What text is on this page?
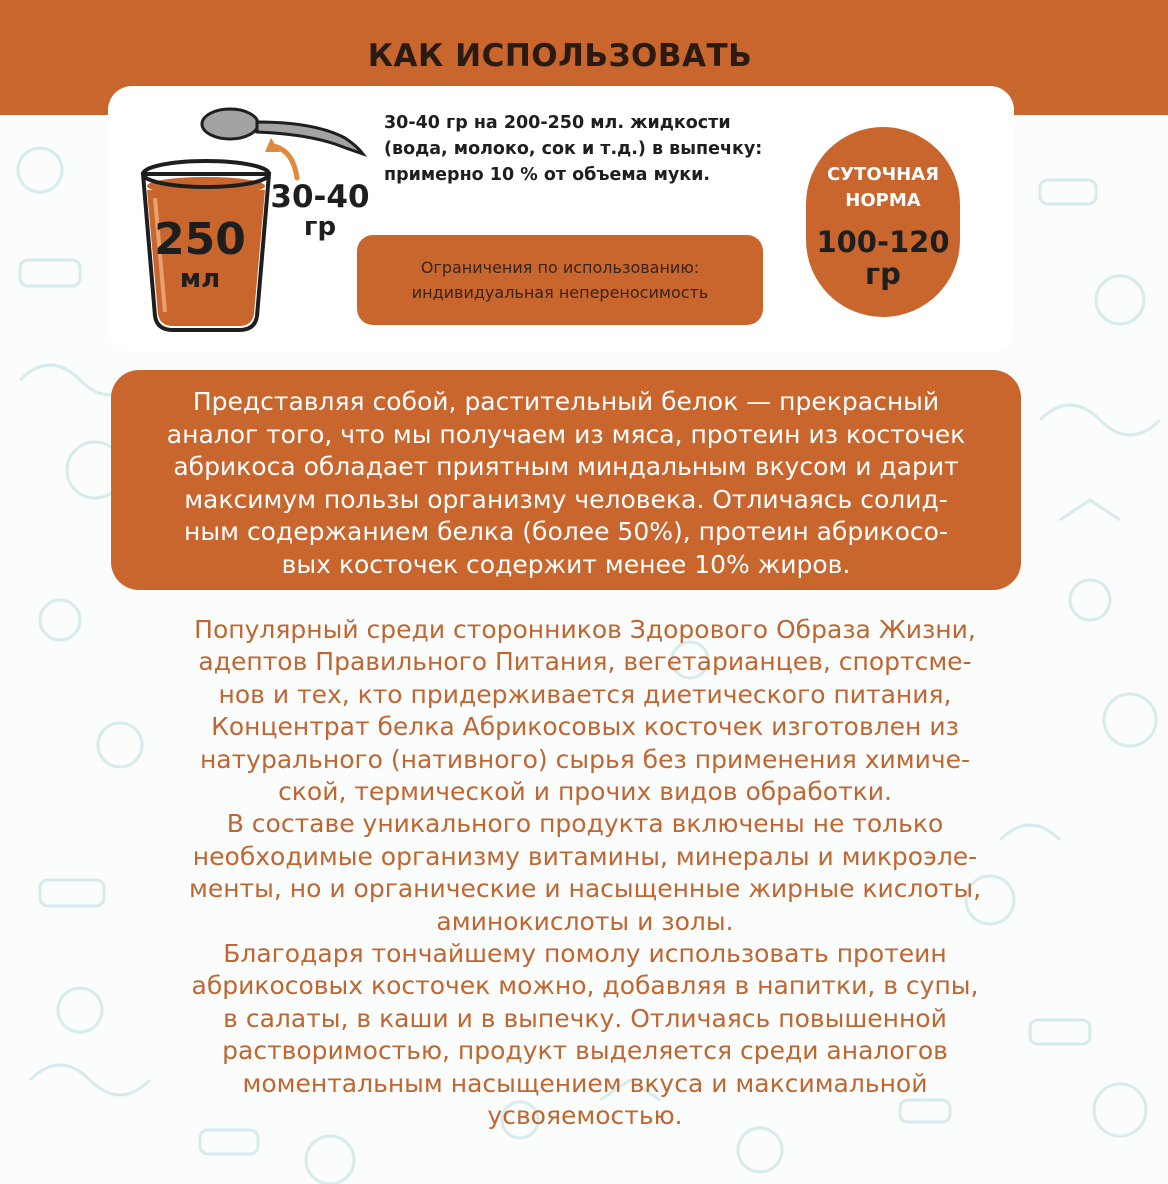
КАК ИСПОЛЬЗОВАТЬ
250
мл
30-40
гр
30-40 гр на 200-250 мл. жидкости
(вода, молоко, сок и т.д.) в выпечку:
примерно 10 % от объема муки.
Ограничения по использованию:
индивидуальная непереносимость
СУТОЧНАЯ
НОРМА
100-120
гр
Представляя собой, растительный белок — прекрасный
аналог того, что мы получаем из мяса, протеин из косточек
абрикоса обладает приятным миндальным вкусом и дарит
максимум пользы организму человека. Отличаясь солид-
ным содержанием белка (более 50%), протеин абрикосо-
вых косточек содержит менее 10% жиров.
Популярный среди сторонников Здорового Образа Жизни,
адептов Правильного Питания, вегетарианцев, спортсме-
нов и тех, кто придерживается диетического питания,
Концентрат белка Абрикосовых косточек изготовлен из
натурального (нативного) сырья без применения химиче-
ской, термической и прочих видов обработки.
В составе уникального продукта включены не только
необходимые организму витамины, минералы и микроэле-
менты, но и органические и насыщенные жирные кислоты,
аминокислоты и золы.
Благодаря тончайшему помолу использовать протеин
абрикосовых косточек можно, добавляя в напитки, в супы,
в салаты, в каши и в выпечку. Отличаясь повышенной
растворимостью, продукт выделяется среди аналогов
моментальным насыщением вкуса и максимальной
усвояемостью.
